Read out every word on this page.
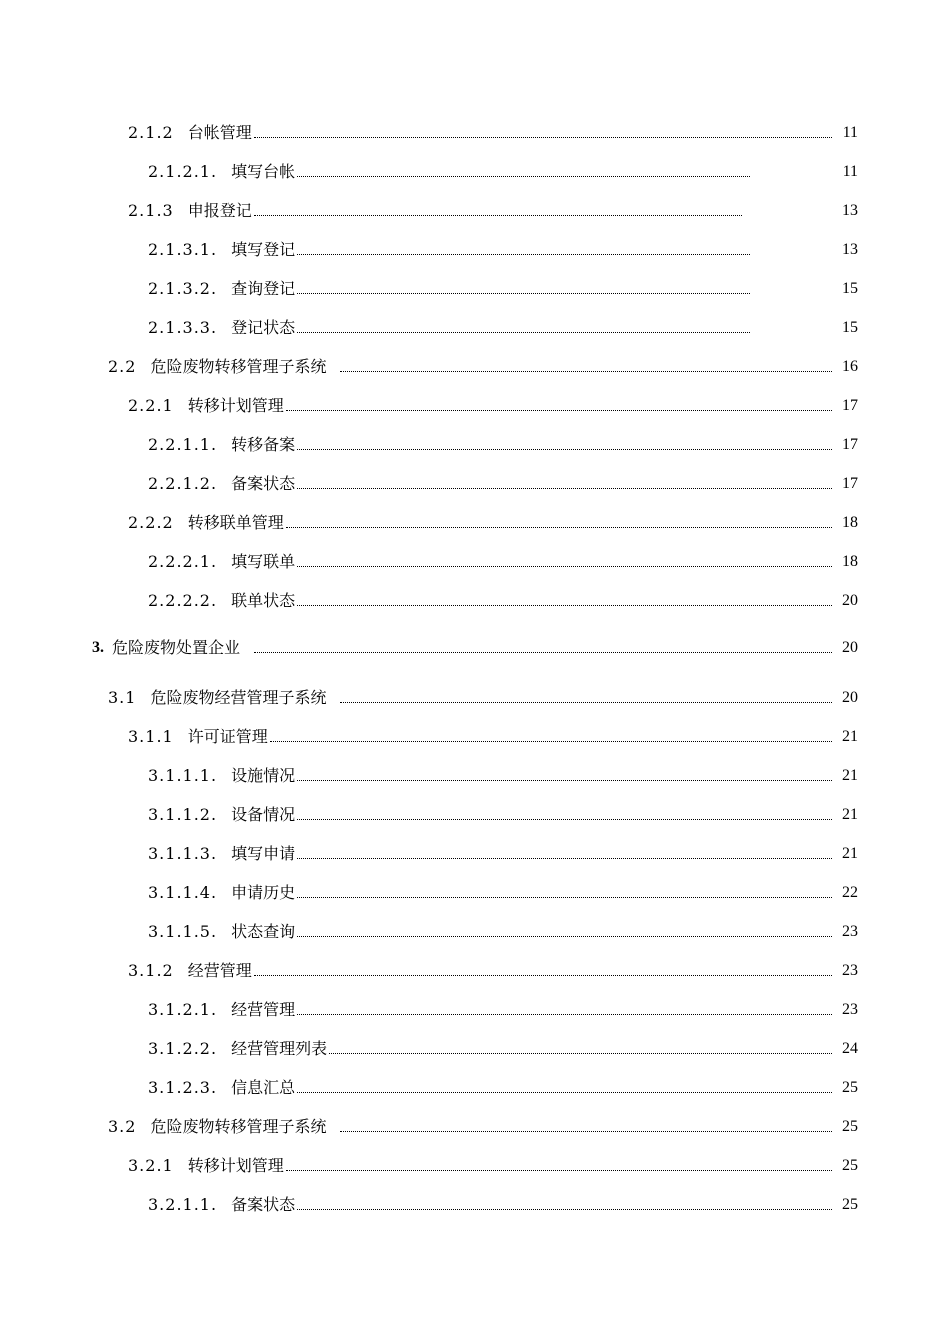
2.1.2 台帐管理	11
2.1.2.1. 填写台帐	11
2.1.3 申报登记	13
2.1.3.1. 填写登记	13
2.1.3.2. 查询登记	15
2.1.3.3. 登记状态	15
2.2 危险废物转移管理子系统	16
2.2.1 转移计划管理	17
2.2.1.1. 转移备案	17
2.2.1.2. 备案状态	17
2.2.2 转移联单管理	18
2.2.2.1. 填写联单	18
2.2.2.2. 联单状态	20
3. 危险废物处置企业	20
3.1 危险废物经营管理子系统	20
3.1.1 许可证管理	21
3.1.1.1. 设施情况	21
3.1.1.2. 设备情况	21
3.1.1.3. 填写申请	21
3.1.1.4. 申请历史	22
3.1.1.5. 状态查询	23
3.1.2 经营管理	23
3.1.2.1. 经营管理	23
3.1.2.2. 经营管理列表	24
3.1.2.3. 信息汇总	25
3.2 危险废物转移管理子系统	25
3.2.1 转移计划管理	25
3.2.1.1. 备案状态	25
